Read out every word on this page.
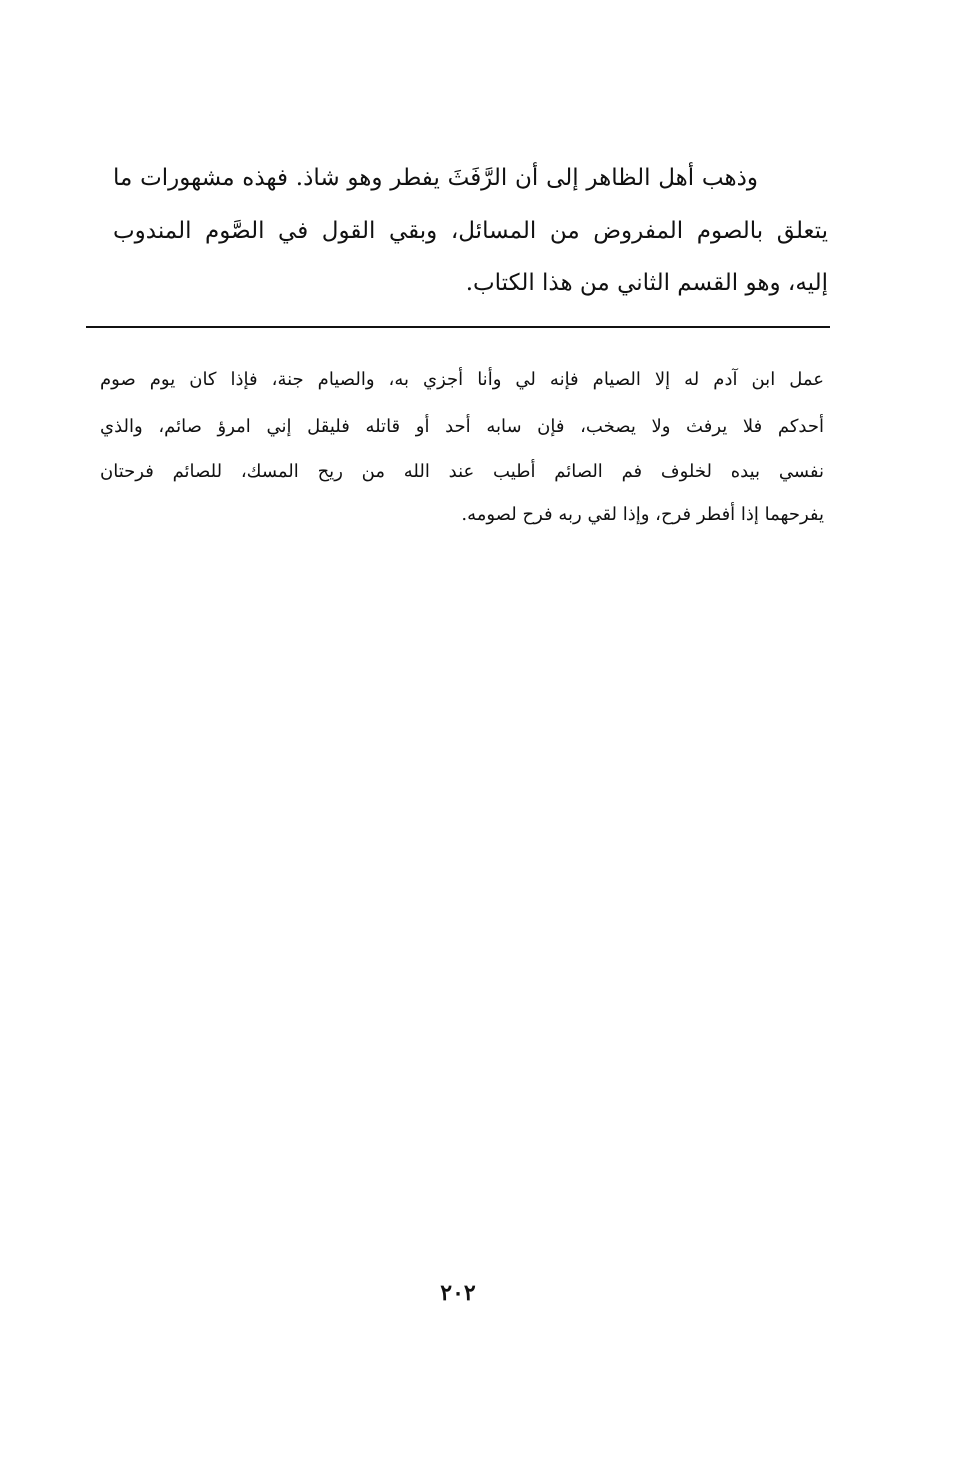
وذهب أهل الظاهر إلى أن الرَّفَثَ يفطر وهو شاذ. فهذه مشهورات ما
يتعلق بالصوم المفروض من المسائل، وبقي القول في الصَّوم المندوب
إليه، وهو القسم الثاني من هذا الكتاب.
عمل ابن آدم له إلا الصيام فإنه لي وأنا أجزي به، والصيام جنة، فإذا كان يوم صوم
أحدكم فلا يرفث ولا يصخب، فإن سابه أحد أو قاتله فليقل إني امرؤ صائم، والذي
نفسي بيده لخلوف فم الصائم أطيب عند الله من ريح المسك، للصائم فرحتان
يفرحهما إذا أفطر فرح، وإذا لقي ربه فرح لصومه.
٢٠٢
